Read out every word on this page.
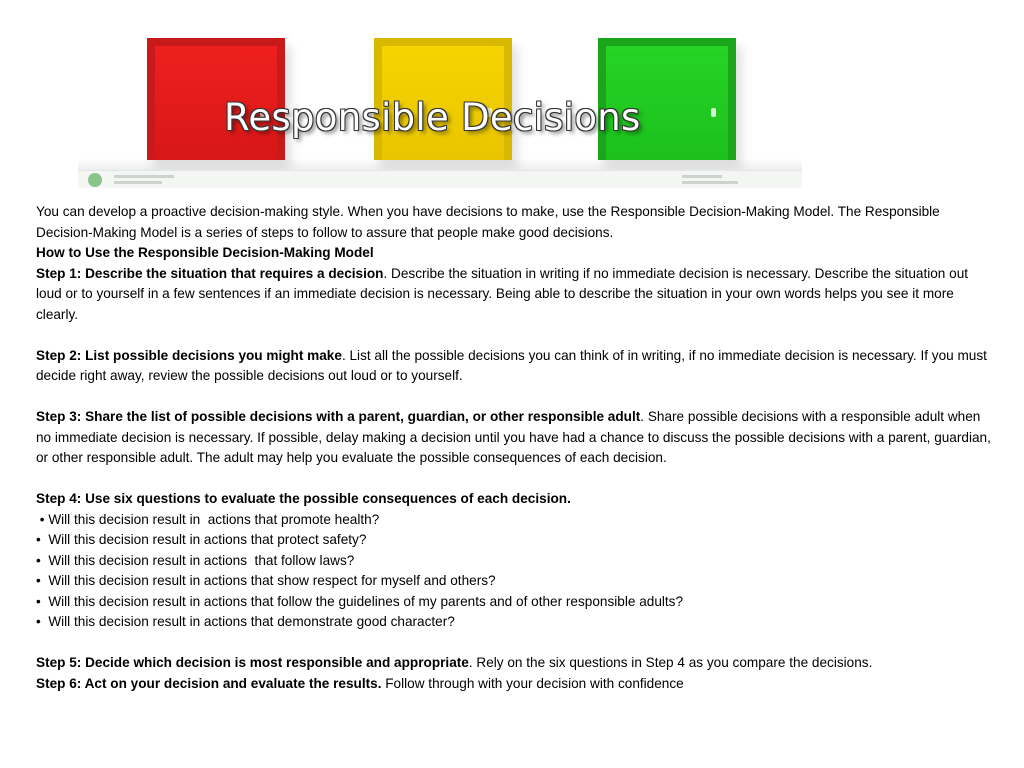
Responsible Decisions

You can develop a proactive decision-making style. When you have decisions to make, use the Responsible Decision-Making Model. The Responsible Decision-Making Model is a series of steps to follow to assure that people make good decisions.

How to Use the Responsible Decision-Making Model

Step 1: Describe the situation that requires a decision. Describe the situation in writing if no immediate decision is necessary. Describe the situation out loud or to yourself in a few sentences if an immediate decision is necessary. Being able to describe the situation in your own words helps you see it more clearly.

Step 2: List possible decisions you might make. List all the possible decisions you can think of in writing, if no immediate decision is necessary. If you must decide right away, review the possible decisions out loud or to yourself.

Step 3: Share the list of possible decisions with a parent, guardian, or other responsible adult. Share possible decisions with a responsible adult when no immediate decision is necessary. If possible, delay making a decision until you have had a chance to discuss the possible decisions with a parent, guardian, or other responsible adult. The adult may help you evaluate the possible consequences of each decision.

Step 4: Use six questions to evaluate the possible consequences of each decision.

• Will this decision result in  actions that promote health?

•  Will this decision result in actions that protect safety?

•  Will this decision result in actions  that follow laws?

•  Will this decision result in actions that show respect for myself and others?

•  Will this decision result in actions that follow the guidelines of my parents and of other responsible adults?

•  Will this decision result in actions that demonstrate good character?

Step 5: Decide which decision is most responsible and appropriate. Rely on the six questions in Step 4 as you compare the decisions.

Step 6: Act on your decision and evaluate the results. Follow through with your decision with confidence
